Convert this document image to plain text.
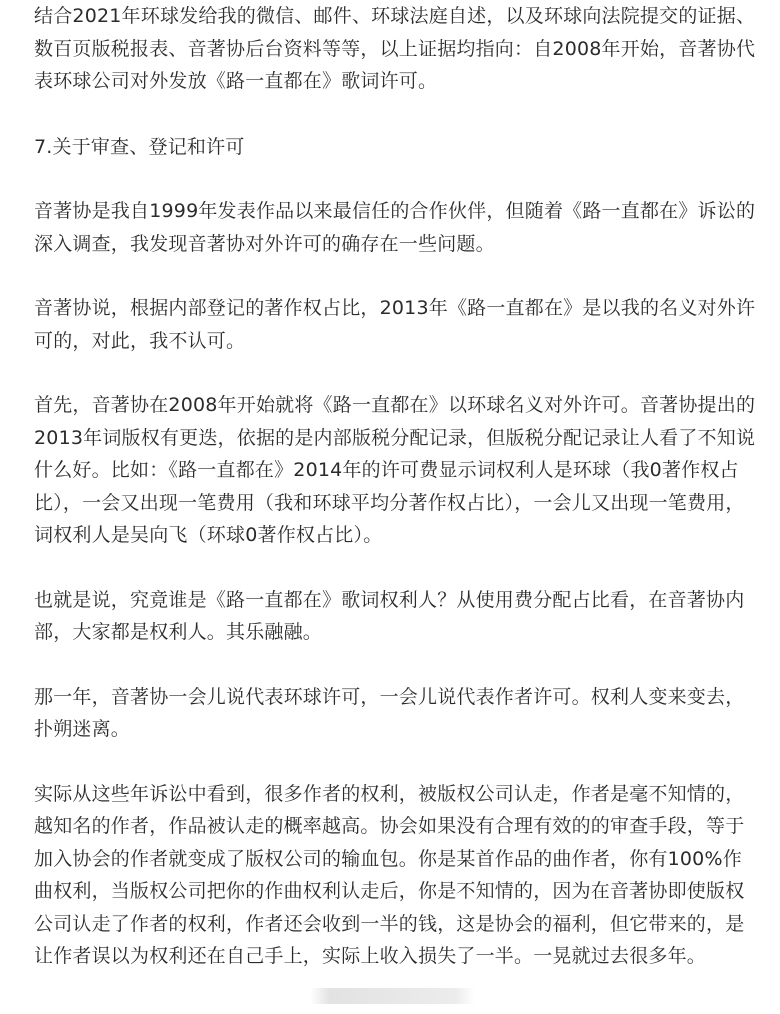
结合2021年环球发给我的微信、邮件、环球法庭自述，以及环球向法院提交的证据、数百页版税报表、音著协后台资料等等，以上证据均指向：自2008年开始，音著协代表环球公司对外发放《路一直都在》歌词许可。

7.关于审查、登记和许可

音著协是我自1999年发表作品以来最信任的合作伙伴，但随着《路一直都在》诉讼的深入调查，我发现音著协对外许可的确存在一些问题。

音著协说，根据内部登记的著作权占比，2013年《路一直都在》是以我的名义对外许可的，对此，我不认可。

首先，音著协在2008年开始就将《路一直都在》以环球名义对外许可。音著协提出的2013年词版权有更迭，依据的是内部版税分配记录，但版税分配记录让人看了不知说什么好。比如：《路一直都在》2014年的许可费显示词权利人是环球（我0著作权占比），一会又出现一笔费用（我和环球平均分著作权占比），一会儿又出现一笔费用，词权利人是吴向飞（环球0著作权占比）。

也就是说，究竟谁是《路一直都在》歌词权利人？从使用费分配占比看，在音著协内部，大家都是权利人。其乐融融。

那一年，音著协一会儿说代表环球许可，一会儿说代表作者许可。权利人变来变去，扑朔迷离。

实际从这些年诉讼中看到，很多作者的权利，被版权公司认走，作者是毫不知情的，越知名的作者，作品被认走的概率越高。协会如果没有合理有效的的审查手段，等于加入协会的作者就变成了版权公司的输血包。你是某首作品的曲作者，你有100%作曲权利，当版权公司把你的作曲权利认走后，你是不知情的，因为在音著协即使版权公司认走了作者的权利，作者还会收到一半的钱，这是协会的福利，但它带来的，是让作者误以为权利还在自己手上，实际上收入损失了一半。一晃就过去很多年。
